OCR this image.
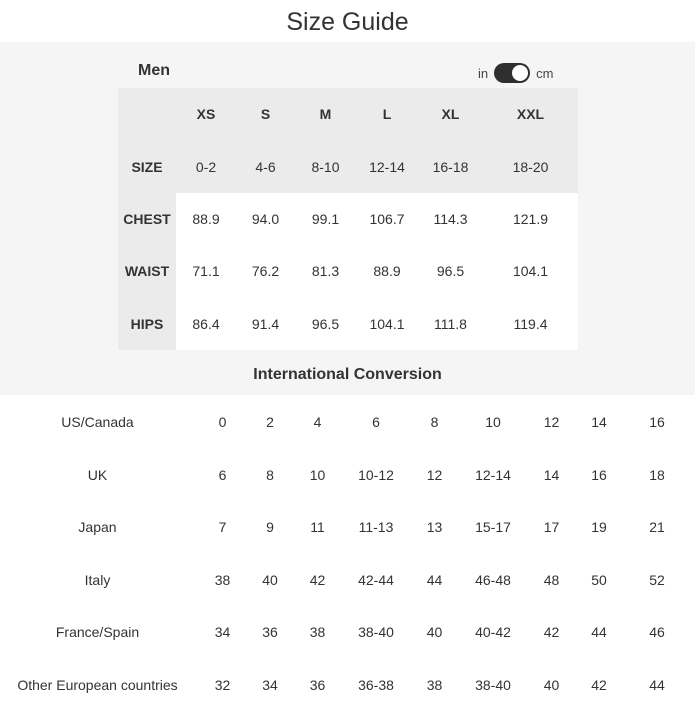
Size Guide
Men	in	cm
	XS	S	M	L	XL	XXL
SIZE	0-2	4-6	8-10	12-14	16-18	18-20
CHEST	88.9	94.0	99.1	106.7	114.3	121.9
WAIST	71.1	76.2	81.3	88.9	96.5	104.1
HIPS	86.4	91.4	96.5	104.1	111.8	119.4
International Conversion
US/Canada	0	2	4	6	8	10	12	14	16
UK	6	8	10	10-12	12	12-14	14	16	18
Japan	7	9	11	11-13	13	15-17	17	19	21
Italy	38	40	42	42-44	44	46-48	48	50	52
France/Spain	34	36	38	38-40	40	40-42	42	44	46
Other European countries	32	34	36	36-38	38	38-40	40	42	44
